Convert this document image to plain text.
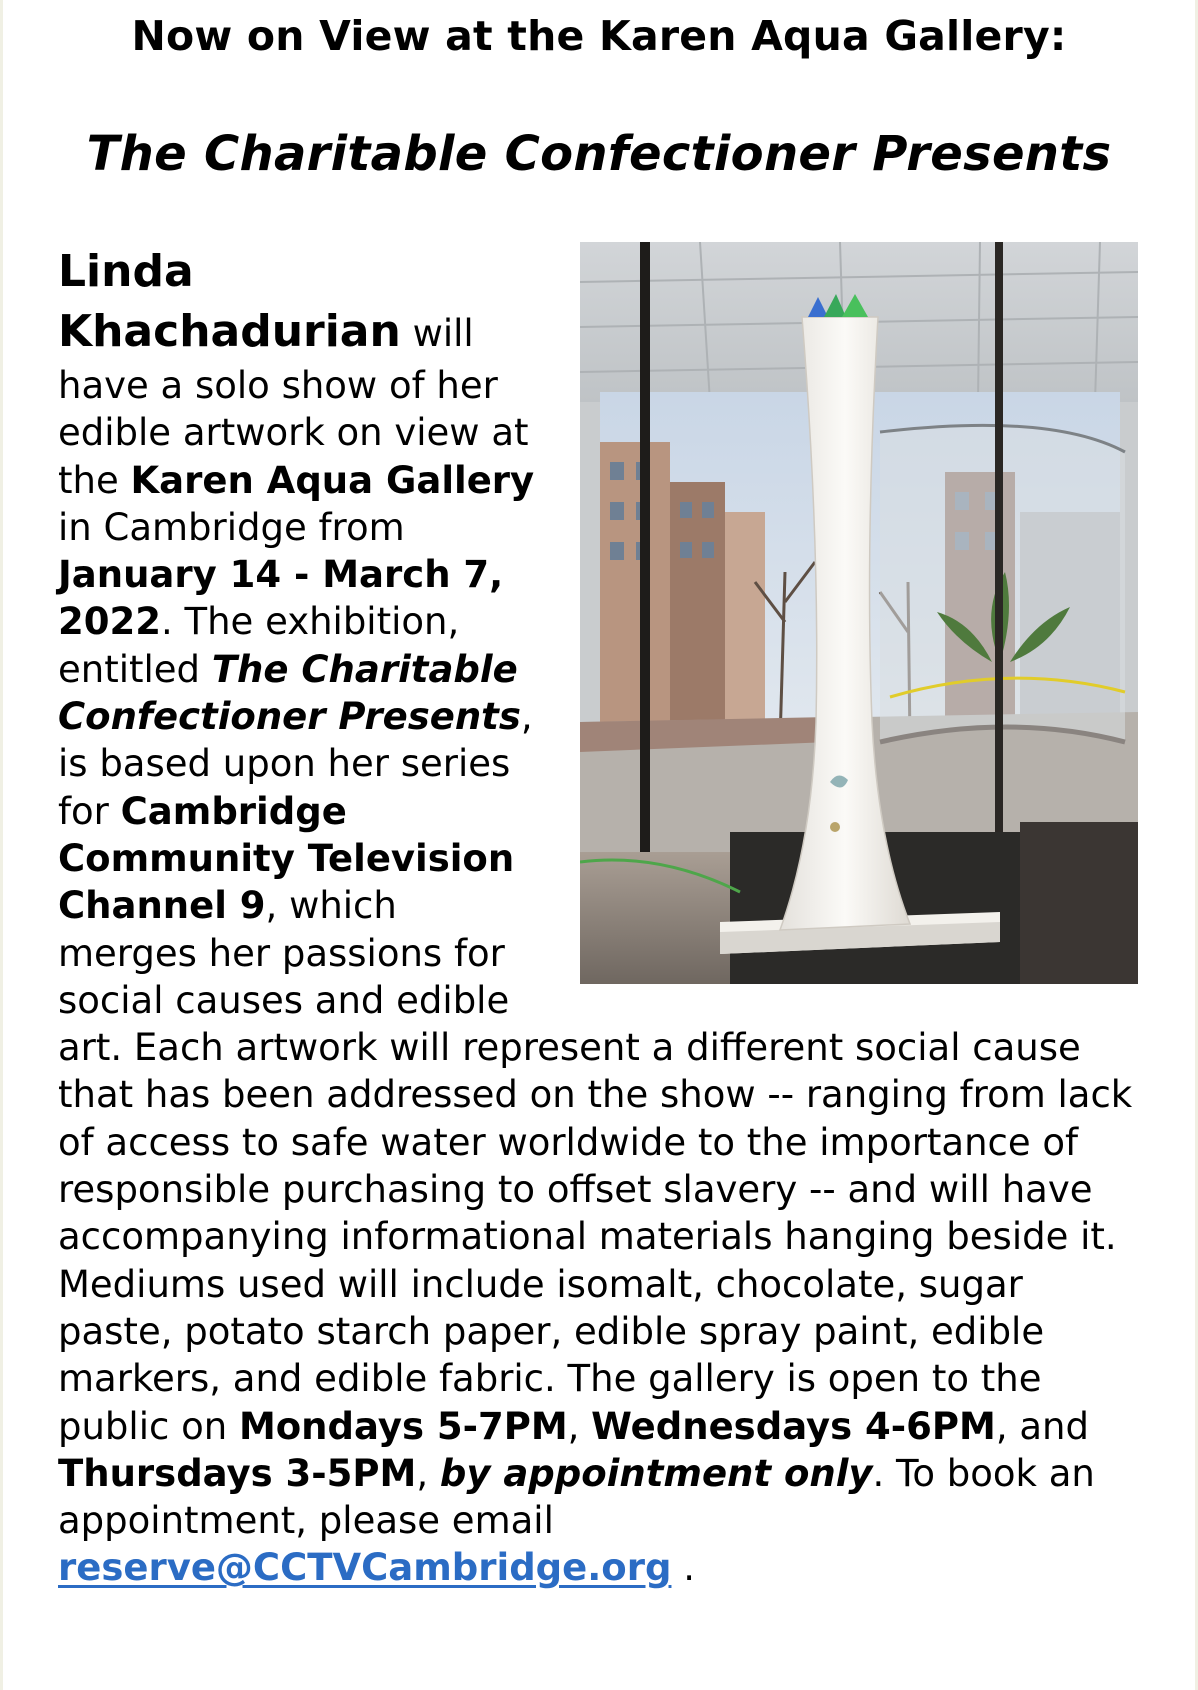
Now on View at the Karen Aqua Gallery:
The Charitable Confectioner Presents

Linda Khachadurian will have a solo show of her edible artwork on view at the Karen Aqua Gallery in Cambridge from January 14 - March 7, 2022. The exhibition, entitled The Charitable Confectioner Presents, is based upon her series for Cambridge Community Television Channel 9, which merges her passions for social causes and edible art. Each artwork will represent a different social cause that has been addressed on the show -- ranging from lack of access to safe water worldwide to the importance of responsible purchasing to offset slavery -- and will have accompanying informational materials hanging beside it. Mediums used will include isomalt, chocolate, sugar paste, potato starch paper, edible spray paint, edible markers, and edible fabric. The gallery is open to the public on Mondays 5-7PM, Wednesdays 4-6PM, and Thursdays 3-5PM, by appointment only. To book an appointment, please email reserve@CCTVCambridge.org .
